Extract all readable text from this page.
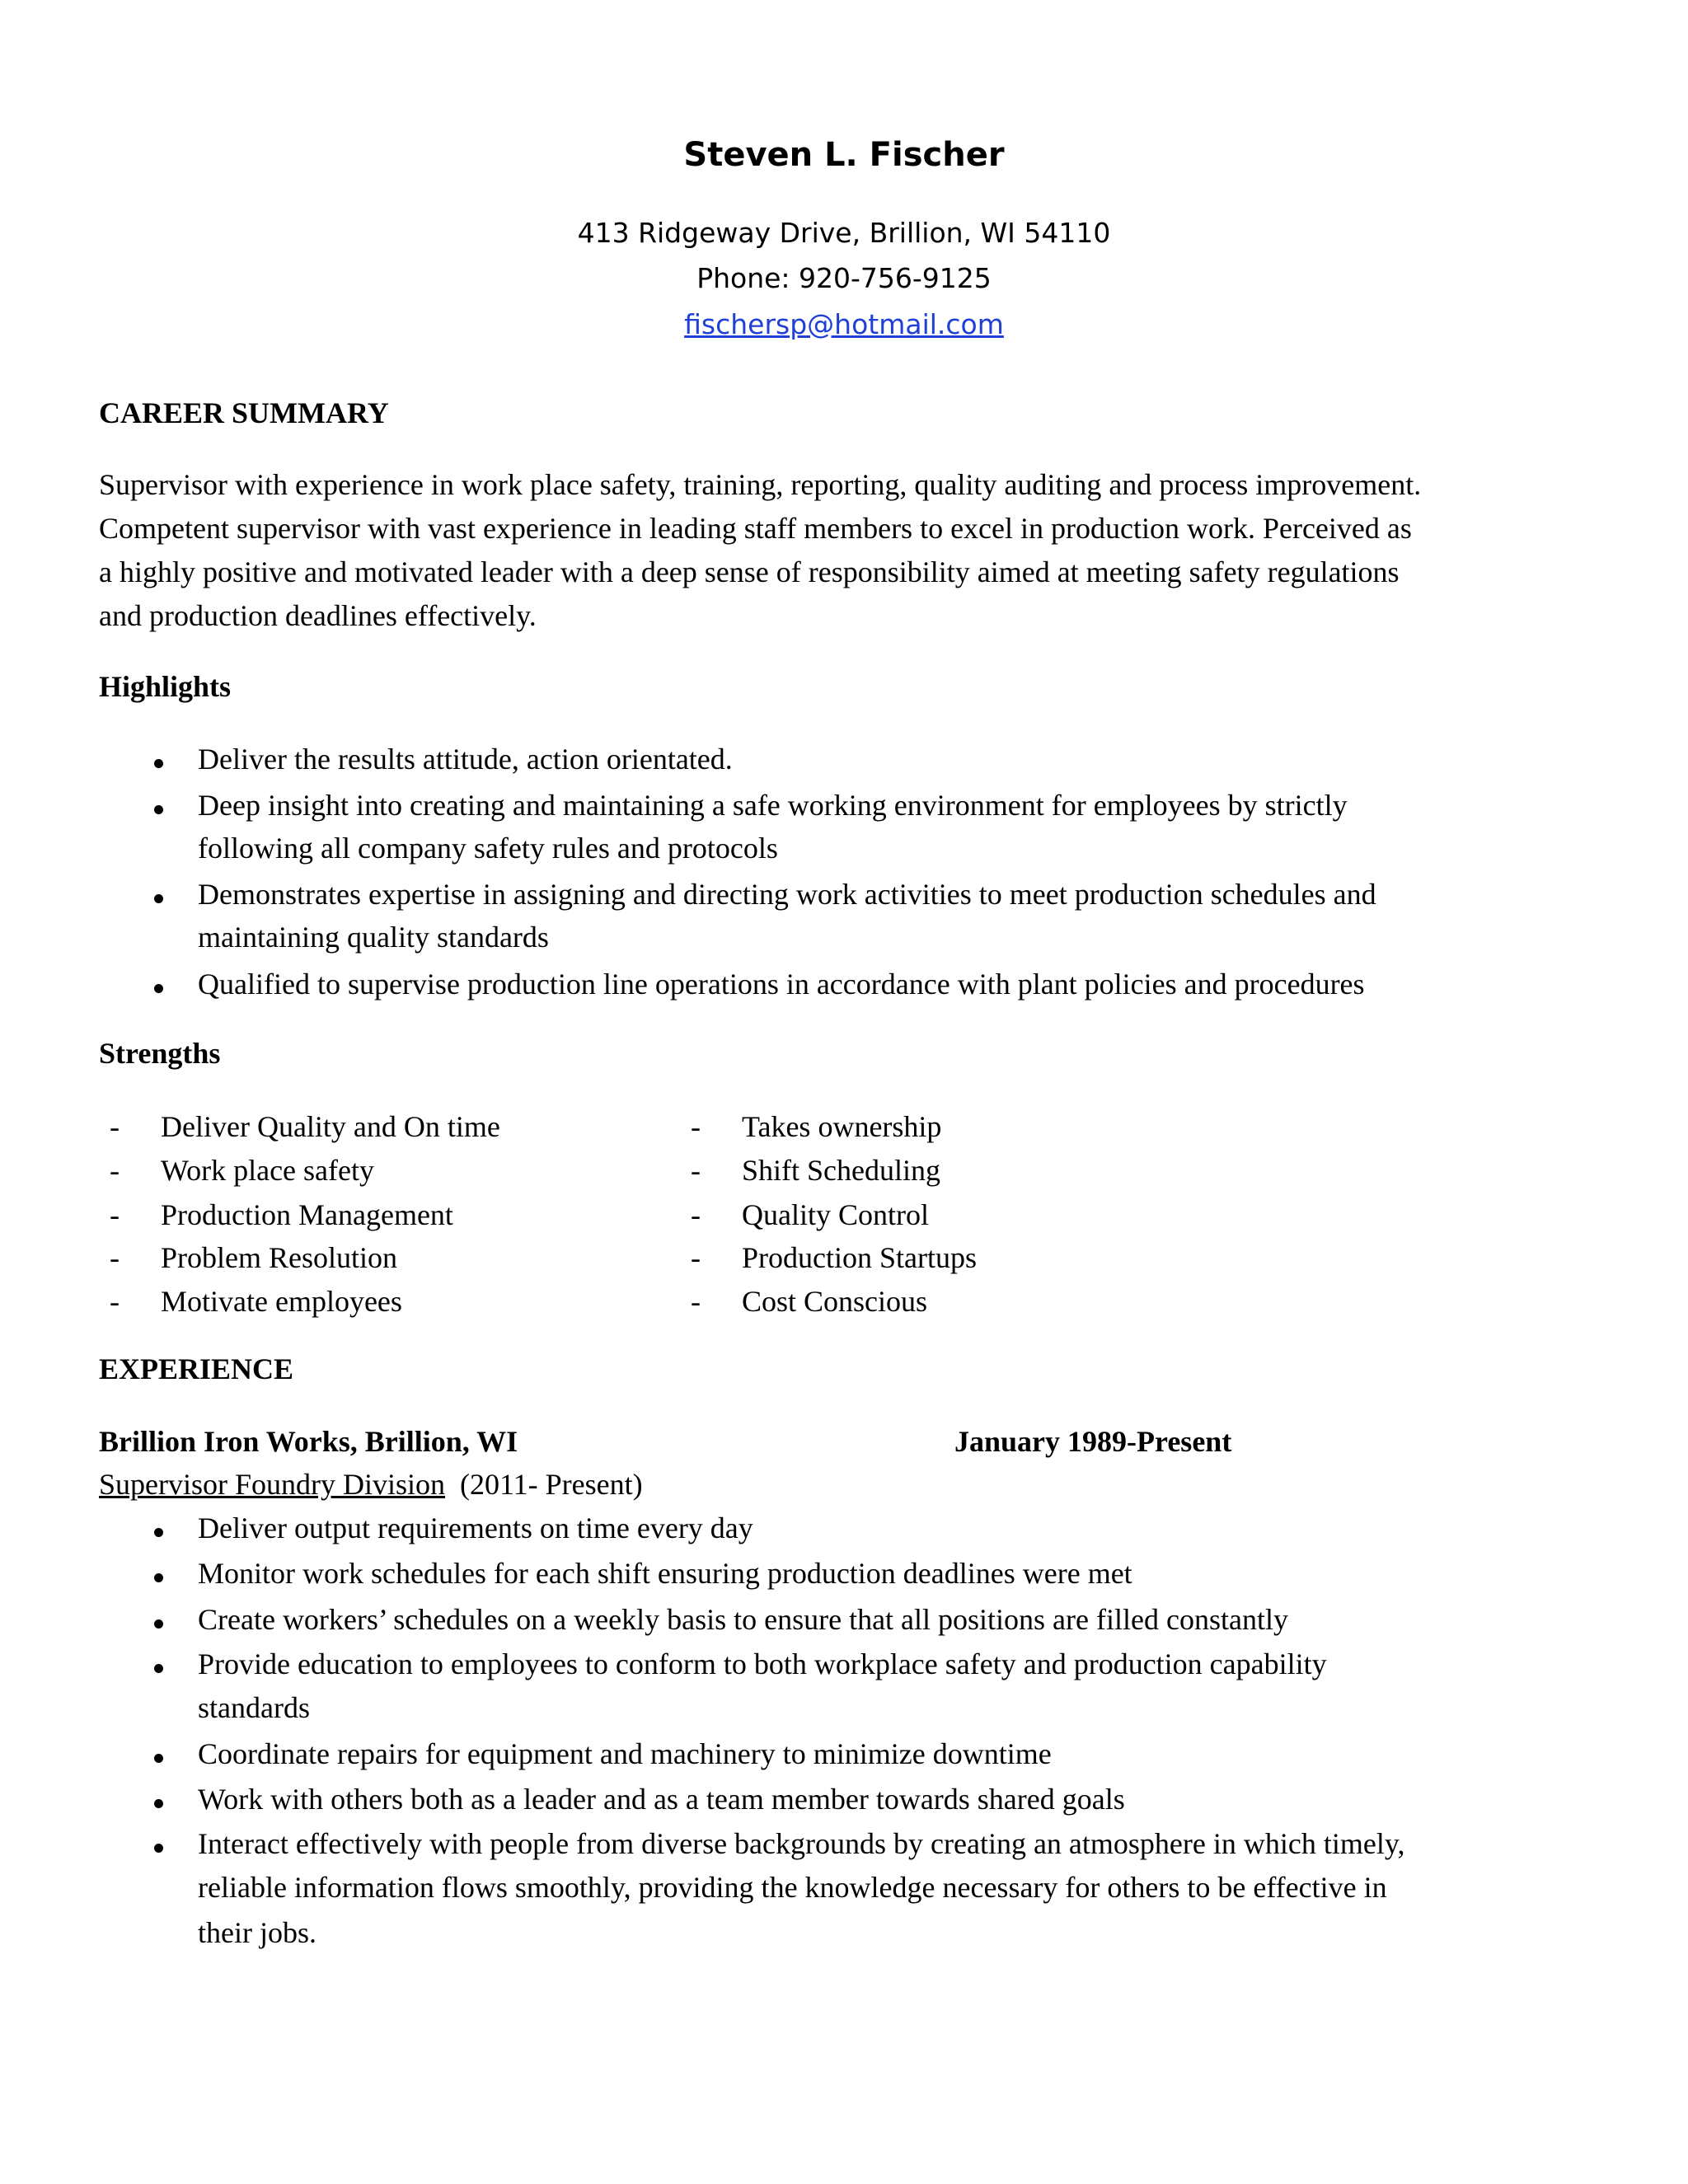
Steven L. Fischer
413 Ridgeway Drive, Brillion, WI 54110
Phone: 920-756-9125
fischersp@hotmail.com
CAREER SUMMARY
Supervisor with experience in work place safety, training, reporting, quality auditing and process improvement.
Competent supervisor with vast experience in leading staff members to excel in production work. Perceived as
a highly positive and motivated leader with a deep sense of responsibility aimed at meeting safety regulations
and production deadlines effectively.
Highlights
Deliver the results attitude, action orientated.
Deep insight into creating and maintaining a safe working environment for employees by strictly
following all company safety rules and protocols
Demonstrates expertise in assigning and directing work activities to meet production schedules and
maintaining quality standards
Qualified to supervise production line operations in accordance with plant policies and procedures
Strengths
- Deliver Quality and On time	- Takes ownership
- Work place safety	- Shift Scheduling
- Production Management	- Quality Control
- Problem Resolution	- Production Startups
- Motivate employees	- Cost Conscious
EXPERIENCE
Brillion Iron Works, Brillion, WI	January 1989-Present
Supervisor Foundry Division (2011- Present)
Deliver output requirements on time every day
Monitor work schedules for each shift ensuring production deadlines were met
Create workers’ schedules on a weekly basis to ensure that all positions are filled constantly
Provide education to employees to conform to both workplace safety and production capability
standards
Coordinate repairs for equipment and machinery to minimize downtime
Work with others both as a leader and as a team member towards shared goals
Interact effectively with people from diverse backgrounds by creating an atmosphere in which timely,
reliable information flows smoothly, providing the knowledge necessary for others to be effective in
their jobs.
